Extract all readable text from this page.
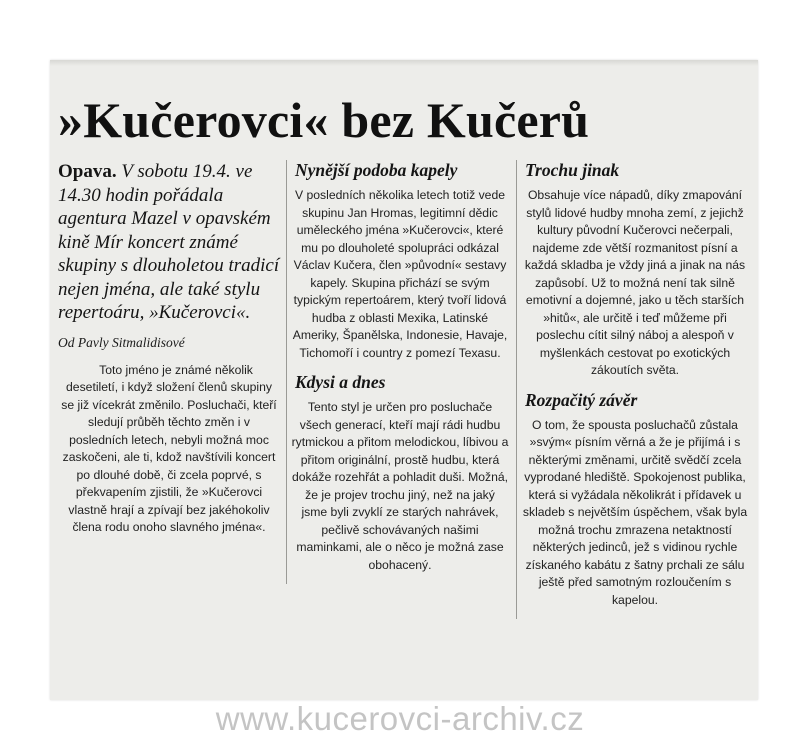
»Kučerovci« bez Kučerů

Opava. V sobotu 19.4. ve 14.30 hodin pořádala agentura Mazel v opavském kině Mír koncert známé skupiny s dlouholetou tradicí nejen jména, ale také stylu repertoáru, »Kučerovci«.

Od Pavly Sitmalidisové

Toto jméno je známé několik desetiletí, i když složení členů skupiny se již vícekrát změnilo. Posluchači, kteří sledují průběh těchto změn i v posledních letech, nebyli možná moc zaskočeni, ale ti, kdož navštívili koncert po dlouhé době, či zcela poprvé, s překvapením zjistili, že »Kučerovci vlastně hrají a zpívají bez jakéhokoliv člena rodu onoho slavného jména«.

Nynější podoba kapely

V posledních několika letech totiž vede skupinu Jan Hromas, legitimní dědic uměleckého jména »Kučerovci«, které mu po dlouholeté spolupráci odkázal Václav Kučera, člen »původní« sestavy kapely. Skupina přichází se svým typickým repertoárem, který tvoří lidová hudba z oblasti Mexika, Latinské Ameriky, Španělska, Indonesie, Havaje, Tichomoří i country z pomezí Texasu.

Kdysi a dnes

Tento styl je určen pro posluchače všech generací, kteří mají rádi hudbu rytmickou a přitom melodickou, líbivou a přitom originální, prostě hudbu, která dokáže rozehřát a pohladit duši. Možná, že je projev trochu jiný, než na jaký jsme byli zvyklí ze starých nahrávek, pečlivě schovávaných našimi maminkami, ale o něco je možná zase obohacený.

Trochu jinak

Obsahuje více nápadů, díky zmapování stylů lidové hudby mnoha zemí, z jejichž kultury původní Kučerovci nečerpali, najdeme zde větší rozmanitost písní a každá skladba je vždy jiná a jinak na nás zapůsobí. Už to možná není tak silně emotivní a dojemné, jako u těch starších »hitů«, ale určitě i teď můžeme při poslechu cítit silný náboj a alespoň v myšlenkách cestovat po exotických zákoutích světa.

Rozpačitý závěr

O tom, že spousta posluchačů zůstala »svým« písním věrná a že je přijímá i s některými změnami, určitě svědčí zcela vyprodané hlediště. Spokojenost publika, která si vyžádala několikrát i přídavek u skladeb s největším úspěchem, však byla možná trochu zmrazena netaktností některých jedinců, jež s vidinou rychle získaného kabátu z šatny prchali ze sálu ještě před samotným rozloučením s kapelou.

www.kucerovci-archiv.cz
